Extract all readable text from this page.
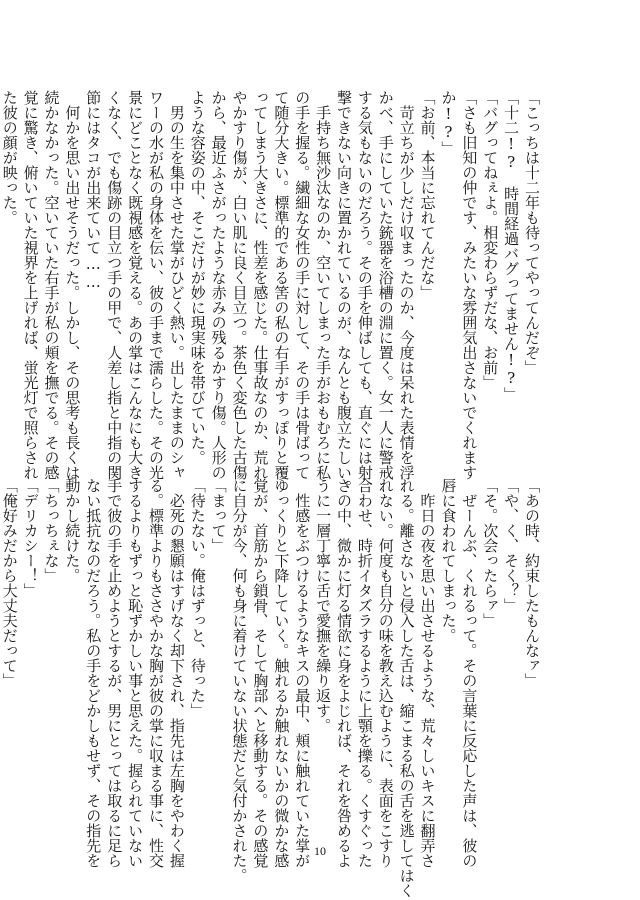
「こっちは十二年も待ってやってんだぞ」
「十二!?　時間経過バグってません!?」
「バグってねぇよ。相変わらずだな、お前」
「さも旧知の仲です、みたいな雰囲気出さないでくれます
か!?」
「お前、本当に忘れてんだな」
　苛立ちが少しだけ収まったのか、今度は呆れた表情を浮
かべ、手にしていた銃器を浴槽の淵に置く。女一人に警戒
する気もないのだろう。その手を伸ばしても、直ぐには射
撃できない向きに置かれているのが、なんとも腹立たしい。
　手持ち無沙汰なのか、空いてしまった手がおもむろに私
の手を握る。繊細な女性の手に対して、その手は骨ばって
て随分大きい。標準的である筈の私の右手がすっぽりと覆
ってしまう大きさに、性差を感じた。仕事故なのか、荒れ
やかすり傷が、白い肌に良く目立つ。茶色く変色した古傷
から、最近ふさがったような赤みの残るかすり傷。人形の
ような容姿の中、そこだけが妙に現実味を帯びていた。
　男の生を集中させた掌がひどく熱い。出したままのシャ
ワーの水が私の身体を伝い、彼の手まで濡らした。その光
景にどことなく既視感を覚える。あの掌はこんなにも大き
くなく、でも傷跡の目立つ手の甲で、人差し指と中指の関
節にはタコが出来ていて……
　何かを思い出せそうだった。しかし、その思考も長くは
続かなかった。空いていた右手が私の頬を撫でる。その感
覚に驚き、俯いていた視界を上げれば、蛍光灯で照らされ
た彼の顔が映った。
「あの時、約束したもんなァ」
「や、く、そく？」
「そ。次会ったらァ」
　ぜーんぶ、くれるって。その言葉に反応した声は、彼の
唇に食われてしまった。
　昨日の夜を思い出させるような、荒々しいキスに翻弄さ
れる。離さないと侵入した舌は、縮こまる私の舌を逃してはく
れない。何度も自分の味を教え込むように、表面をこすり
合わせ、時折イタズラするように上顎を擽る。くすぐった
さの中、微かに灯る情欲に身をよじれば、それを咎めるよ
うに一層丁寧に舌で愛撫を繰り返す。
　性感をぶつけるようなキスの最中、頬に触れていた掌が
ゆっくりと下降していく。触れるか触れないかの微かな感
覚が、首筋から鎖骨、そして胸部へと移動する。その感覚
に自分が今、何も身に着けていない状態だと気付かされた。
「まって」
「待たない。俺はずっと、待った」
　必死の懇願はすげなく却下され、指先は左胸をやわく握
る。標準よりもささやかな胸が彼の掌に収まる事に、性交
するよりもずっと恥ずかしい事と思えた。握られていない
手で彼の手を止めようとするが、男にとっては取るに足ら
ない抵抗なのだろう。私の手をどかしもせず、その指先を
動かし続けた。
「ちっちぇな」
「デリカシー！」
「俺好みだから大丈夫だって」
10
